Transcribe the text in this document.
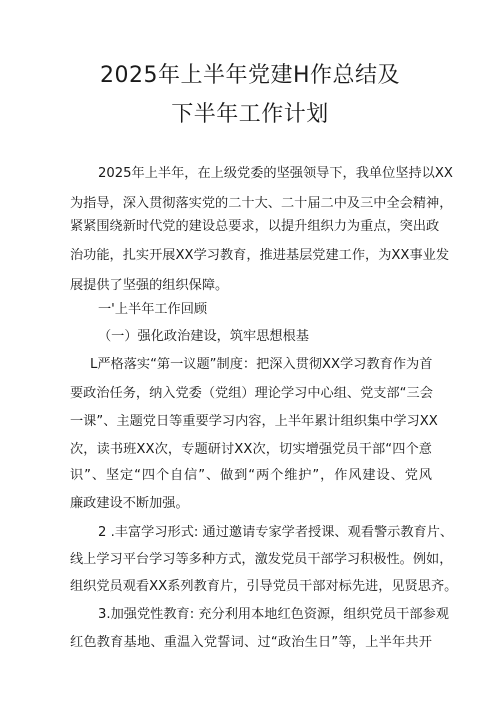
2025年上半年党建H作总结及
下半年工作计划
2025年上半年，在上级党委的坚强领导下，我单位坚持以XX
为指导，深入贯彻落实党的二十大、二十届二中及三中全会精神，
紧紧围绕新时代党的建设总要求，以提升组织力为重点，突出政
治功能，扎实开展XX学习教育，推进基层党建工作，为XX事业发
展提供了坚强的组织保障。
一'上半年工作回顾
（一）强化政治建设，筑牢思想根基
L严格落实“第一议题”制度：把深入贯彻XX学习教育作为首
要政治任务，纳入党委（党组）理论学习中心组、党支部“三会
一课”、主题党日等重要学习内容，上半年累计组织集中学习XX
次，读书班XX次，专题研讨XX次，切实增强党员干部“四个意
识”、坚定“四个自信”、做到“两个维护”，作风建设、党风
廉政建设不断加强。
2 .丰富学习形式: 通过邀请专家学者授课、观看警示教育片、
线上学习平台学习等多种方式，激发党员干部学习积极性。例如，
组织党员观看XX系列教育片，引导党员干部对标先进，见贤思齐。
3.加强党性教育: 充分利用本地红色资源，组织党员干部参观
红色教育基地、重温入党誓词、过“政治生日”等，上半年共开
